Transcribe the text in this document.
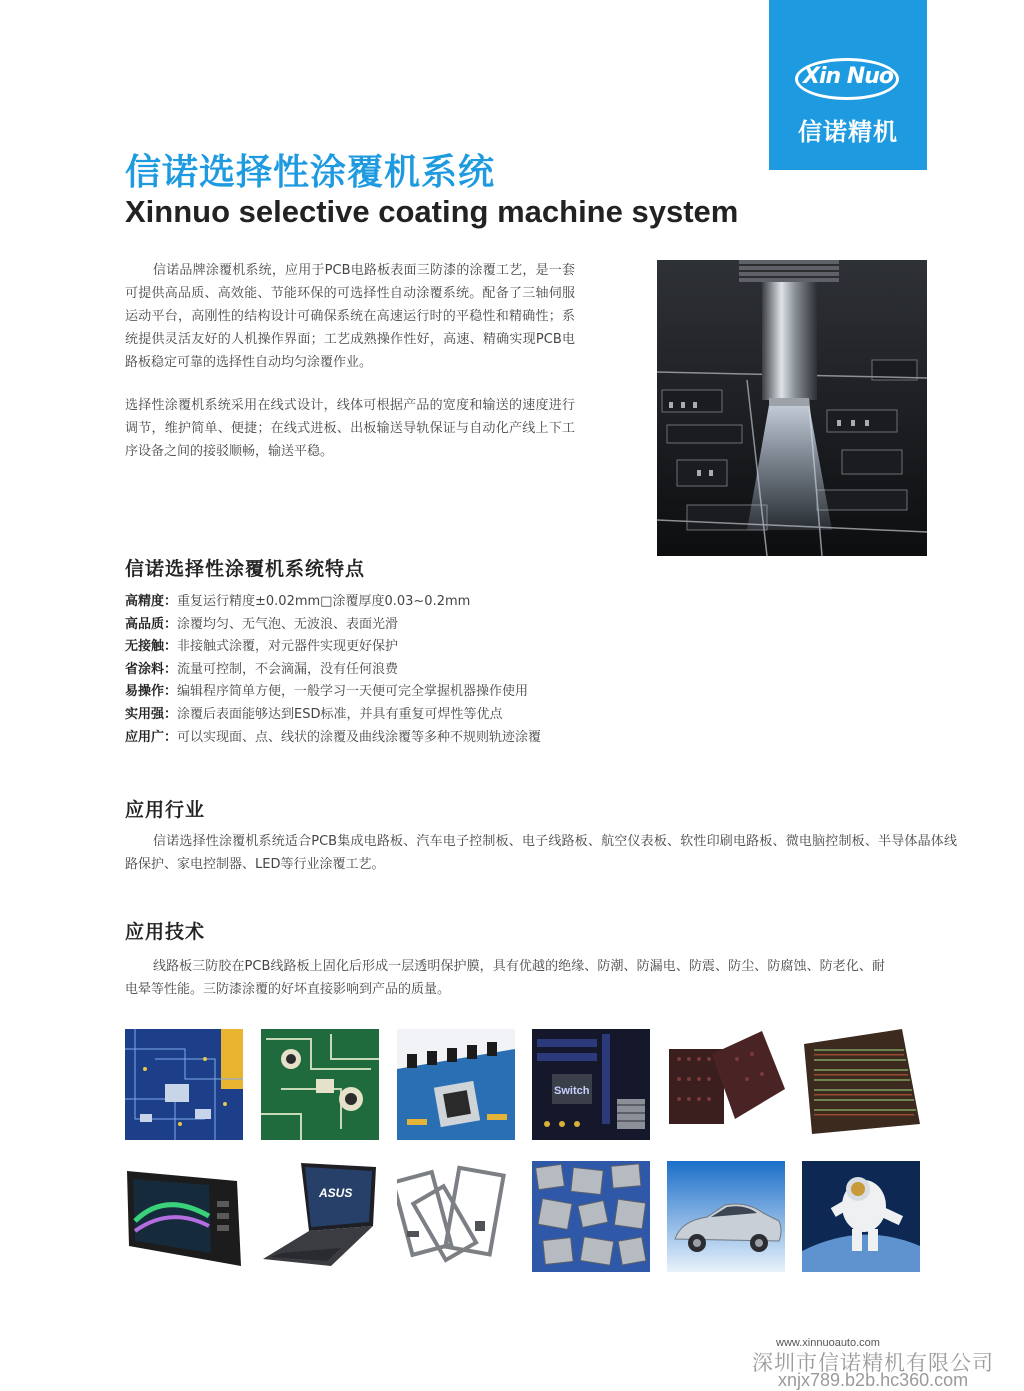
Xin Nuo
信诺精机
信诺选择性涂覆机系统
Xinnuo selective coating machine system
信诺品牌涂覆机系统，应用于PCB电路板表面三防漆的涂覆工艺，是一套可提供高品质、高效能、节能环保的可选择性自动涂覆系统。配备了三轴伺服运动平台，高刚性的结构设计可确保系统在高速运行时的平稳性和精确性；系统提供灵活友好的人机操作界面；工艺成熟操作性好，高速、精确实现PCB电路板稳定可靠的选择性自动均匀涂覆作业。
选择性涂覆机系统采用在线式设计，线体可根据产品的宽度和输送的速度进行调节，维护简单、便捷；在线式进板、出板输送导轨保证与自动化产线上下工序设备之间的接驳顺畅，输送平稳。
信诺选择性涂覆机系统特点
高精度：重复运行精度±0.02mm□涂覆厚度0.03~0.2mm
高品质：涂覆均匀、无气泡、无波浪、表面光滑
无接触：非接触式涂覆，对元器件实现更好保护
省涂料：流量可控制，不会滴漏，没有任何浪费
易操作：编辑程序简单方便，一般学习一天便可完全掌握机器操作使用
实用强：涂覆后表面能够达到ESD标准，并具有重复可焊性等优点
应用广：可以实现面、点、线状的涂覆及曲线涂覆等多种不规则轨迹涂覆
应用行业
信诺选择性涂覆机系统适合PCB集成电路板、汽车电子控制板、电子线路板、航空仪表板、软性印刷电路板、微电脑控制板、半导体晶体线路保护、家电控制器、LED等行业涂覆工艺。
应用技术
线路板三防胶在PCB线路板上固化后形成一层透明保护膜，具有优越的绝缘、防潮、防漏电、防震、防尘、防腐蚀、防老化、耐电晕等性能。三防漆涂覆的好坏直接影响到产品的质量。
Switch
ASUS
www.xinnuoauto.com
深圳市信诺精机有限公司
xnjx789.b2b.hc360.com
